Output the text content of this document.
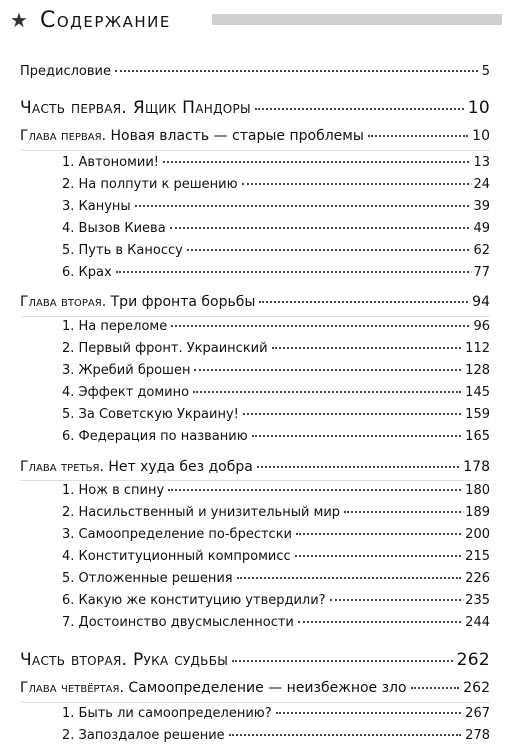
★ Содержание
Предисловие	5
Часть первая. Ящик Пандоры	10
Глава первая. Новая власть — старые проблемы	10
1. Автономии!	13
2. На полпути к решению	24
3. Кануны	39
4. Вызов Киева	49
5. Путь в Каноссу	62
6. Крах	77
Глава вторая. Три фронта борьбы	94
1. На переломе	96
2. Первый фронт. Украинский	112
3. Жребий брошен	128
4. Эффект домино	145
5. За Советскую Украину!	159
6. Федерация по названию	165
Глава третья. Нет худа без добра	178
1. Нож в спину	180
2. Насильственный и унизительный мир	189
3. Самоопределение по-брестски	200
4. Конституционный компромисс	215
5. Отложенные решения	226
6. Какую же конституцию утвердили?	235
7. Достоинство двусмысленности	244
Часть вторая. Рука судьбы	262
Глава четвёртая. Самоопределение — неизбежное зло	262
1. Быть ли самоопределению?	267
2. Запоздалое решение	278
